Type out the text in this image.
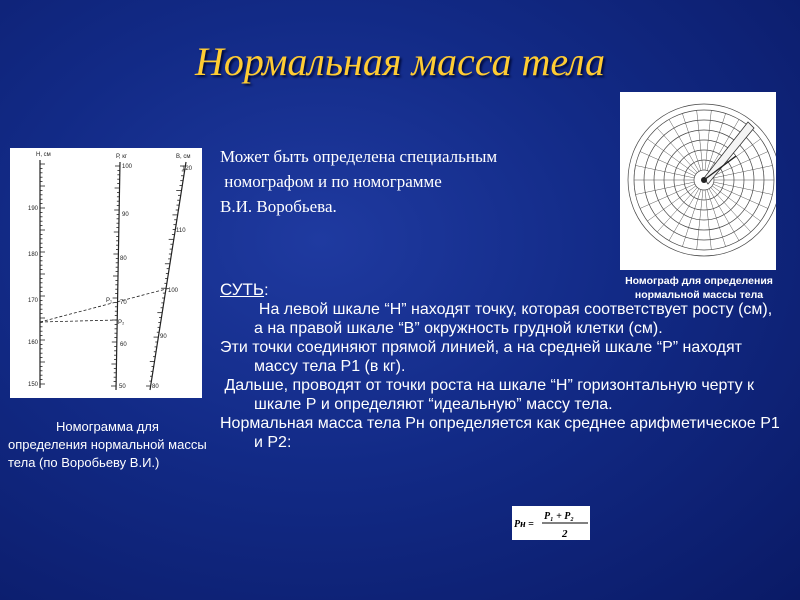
Нормальная масса тела
Может быть определена специальным
номографом и по номограмме
В.И. Воробьева.
СУТЬ:
На левой шкале “Н” находят точку, которая соответствует росту (см), а на правой шкале “В” окружность грудной клетки (см).
Эти точки соединяют прямой линией, а на средней шкале “Р” находят массу тела Р1 (в кг).
Дальше, проводят от точки роста на шкале “Н” горизонтальную черту к шкале Р и определяют “идеальную” массу тела.
Нормальная масса тела Рн определяется как среднее арифметическое Р1 и Р2:
Н, см	Р, кг	В, см
190
180
170
160
150
100
90
80
70
60
50
120
110
100
90
80
P₁
P₂
Номограмма для
определения нормальной массы тела (по Воробьеву В.И.)
Номограф для определения нормальной массы тела
Pн =
P₁ + P₂
2
